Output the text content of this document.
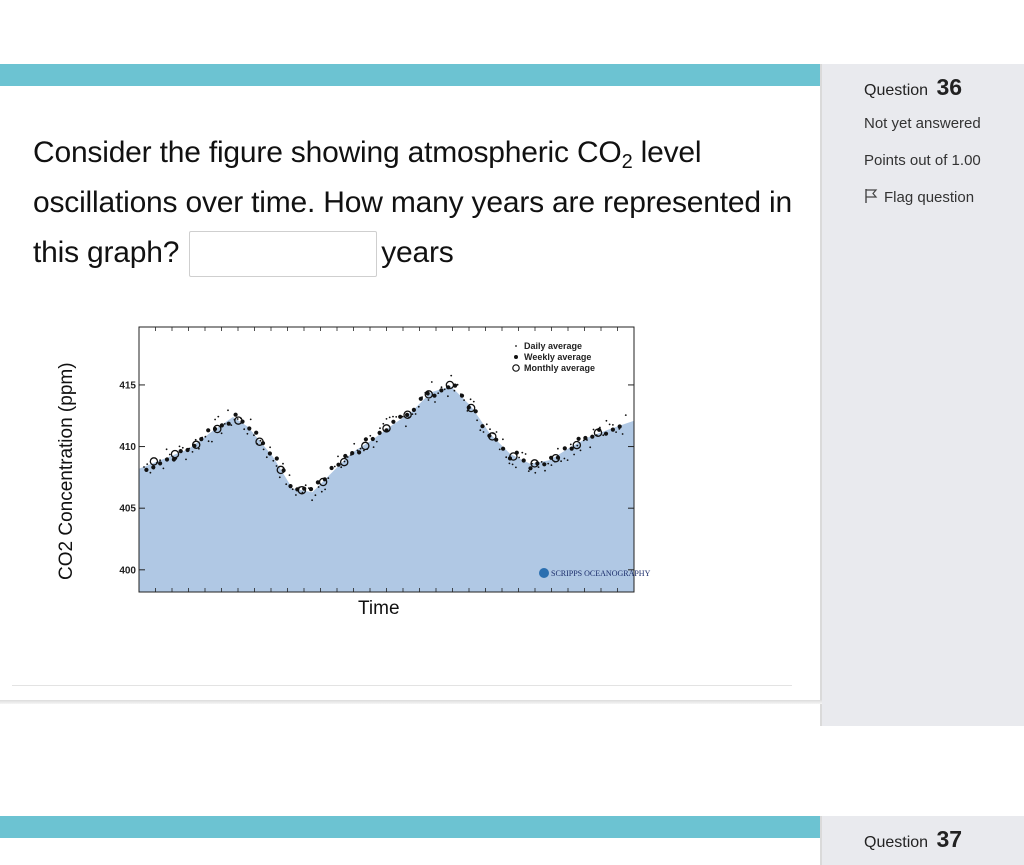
Question 36
Not yet answered
Points out of 1.00
Flag question
Consider the figure showing atmospheric $CO_2$ level oscillations over time. How many years are represented in this graph?	years
CO2 Concentration (ppm)	400
405
410
415
Daily average
Weekly average
Monthly average
SCRIPPS OCEANOGRAPHY
Time
Question 37
